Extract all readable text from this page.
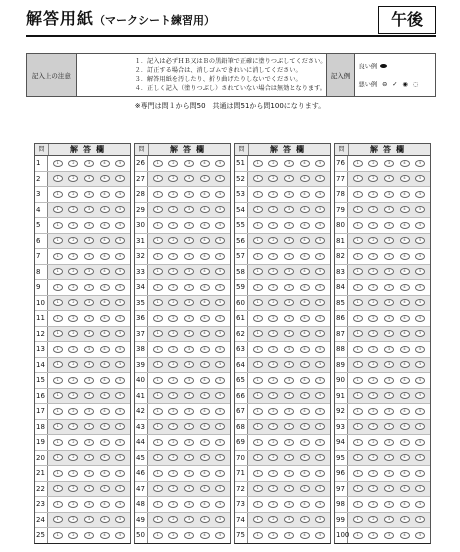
解答用紙（マークシート練習用）	午後
記入上の注意
１．記入は必ずＨＢ又はＢの黒鉛筆で正確に塗りつぶしてください。
２．訂正する場合は、消しゴムできれいに消してください。
３．解答用紙を汚したり、折り曲げたりしないでください。
４．正しく記入（塗りつぶし）されていない場合は無効となります。
記入例
良い例
悪い例 ⊖ ✓ ◉ ◌
※専門は問１から問50　共通は問51から問100になります。
問	解答欄
1	1	2	3	4	5
2	1	2	3	4	5
3	1	2	3	4	5
4	1	2	3	4	5
5	1	2	3	4	5
6	1	2	3	4	5
7	1	2	3	4	5
8	1	2	3	4	5
9	1	2	3	4	5
10	1	2	3	4	5
11	1	2	3	4	5
12	1	2	3	4	5
13	1	2	3	4	5
14	1	2	3	4	5
15	1	2	3	4	5
16	1	2	3	4	5
17	1	2	3	4	5
18	1	2	3	4	5
19	1	2	3	4	5
20	1	2	3	4	5
21	1	2	3	4	5
22	1	2	3	4	5
23	1	2	3	4	5
24	1	2	3	4	5
25	1	2	3	4	5
問	解答欄
26	1	2	3	4	5
27	1	2	3	4	5
28	1	2	3	4	5
29	1	2	3	4	5
30	1	2	3	4	5
31	1	2	3	4	5
32	1	2	3	4	5
33	1	2	3	4	5
34	1	2	3	4	5
35	1	2	3	4	5
36	1	2	3	4	5
37	1	2	3	4	5
38	1	2	3	4	5
39	1	2	3	4	5
40	1	2	3	4	5
41	1	2	3	4	5
42	1	2	3	4	5
43	1	2	3	4	5
44	1	2	3	4	5
45	1	2	3	4	5
46	1	2	3	4	5
47	1	2	3	4	5
48	1	2	3	4	5
49	1	2	3	4	5
50	1	2	3	4	5
問	解答欄
51	1	2	3	4	5
52	1	2	3	4	5
53	1	2	3	4	5
54	1	2	3	4	5
55	1	2	3	4	5
56	1	2	3	4	5
57	1	2	3	4	5
58	1	2	3	4	5
59	1	2	3	4	5
60	1	2	3	4	5
61	1	2	3	4	5
62	1	2	3	4	5
63	1	2	3	4	5
64	1	2	3	4	5
65	1	2	3	4	5
66	1	2	3	4	5
67	1	2	3	4	5
68	1	2	3	4	5
69	1	2	3	4	5
70	1	2	3	4	5
71	1	2	3	4	5
72	1	2	3	4	5
73	1	2	3	4	5
74	1	2	3	4	5
75	1	2	3	4	5
問	解答欄
76	1	2	3	4	5
77	1	2	3	4	5
78	1	2	3	4	5
79	1	2	3	4	5
80	1	2	3	4	5
81	1	2	3	4	5
82	1	2	3	4	5
83	1	2	3	4	5
84	1	2	3	4	5
85	1	2	3	4	5
86	1	2	3	4	5
87	1	2	3	4	5
88	1	2	3	4	5
89	1	2	3	4	5
90	1	2	3	4	5
91	1	2	3	4	5
92	1	2	3	4	5
93	1	2	3	4	5
94	1	2	3	4	5
95	1	2	3	4	5
96	1	2	3	4	5
97	1	2	3	4	5
98	1	2	3	4	5
99	1	2	3	4	5
100	1	2	3	4	5
